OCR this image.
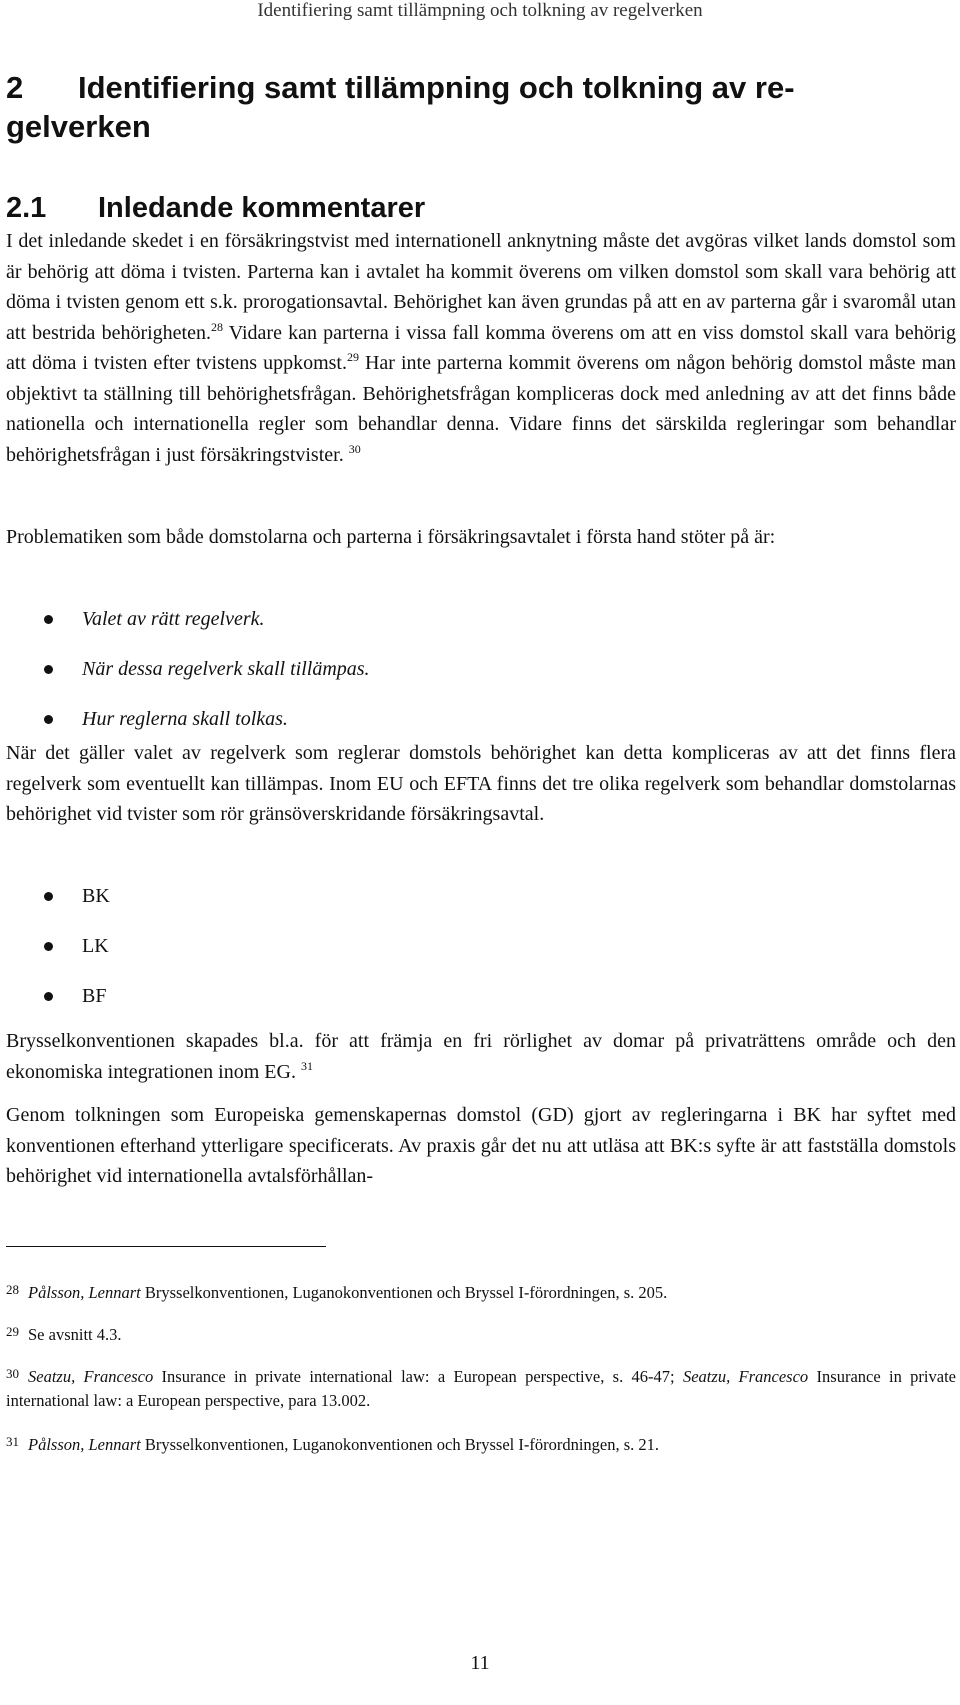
Identifiering samt tillämpning och tolkning av regelverken
2 Identifiering samt tillämpning och tolkning av re-gelverken
2.1 Inledande kommentarer

I det inledande skedet i en försäkringstvist med internationell anknytning måste det avgöras vilket lands domstol som är behörig att döma i tvisten. Parterna kan i avtalet ha kommit överens om vilken domstol som skall vara behörig att döma i tvisten genom ett s.k. prorogationsavtal. Behörighet kan även grundas på att en av parterna går i svaromål utan att bestrida behörigheten.$^{28}$ Vidare kan parterna i vissa fall komma överens om att en viss domstol skall vara behörig att döma i tvisten efter tvistens uppkomst.$^{29}$ Har inte parterna kommit överens om någon behörig domstol måste man objektivt ta ställning till behörighetsfrågan. Behörighetsfrågan kompliceras dock med anledning av att det finns både nationella och internationella regler som behandlar denna. Vidare finns det särskilda regleringar som behandlar behörighetsfrågan i just försäkringstvister. $^{30}$

Problematiken som både domstolarna och parterna i försäkringsavtalet i första hand stöter på är:

Valet av rätt regelverk.
När dessa regelverk skall tillämpas.
Hur reglerna skall tolkas.

När det gäller valet av regelverk som reglerar domstols behörighet kan detta kompliceras av att det finns flera regelverk som eventuellt kan tillämpas. Inom EU och EFTA finns det tre olika regelverk som behandlar domstolarnas behörighet vid tvister som rör gränsöverskridande försäkringsavtal.

BK
LK
BF

Brysselkonventionen skapades bl.a. för att främja en fri rörlighet av domar på privaträttens område och den ekonomiska integrationen inom EG. $^{31}$

Genom tolkningen som Europeiska gemenskapernas domstol (GD) gjort av regleringarna i BK har syftet med konventionen efterhand ytterligare specificerats. Av praxis går det nu att utläsa att BK:s syfte är att fastställa domstols behörighet vid internationella avtalsförhållan-

28 Pålsson, Lennart Brysselkonventionen, Luganokonventionen och Bryssel I-förordningen, s. 205.

29 Se avsnitt 4.3.

30 Seatzu, Francesco Insurance in private international law: a European perspective, s. 46-47; Seatzu, Francesco Insurance in private international law: a European perspective, para 13.002.

31 Pålsson, Lennart Brysselkonventionen, Luganokonventionen och Bryssel I-förordningen, s. 21.

11
